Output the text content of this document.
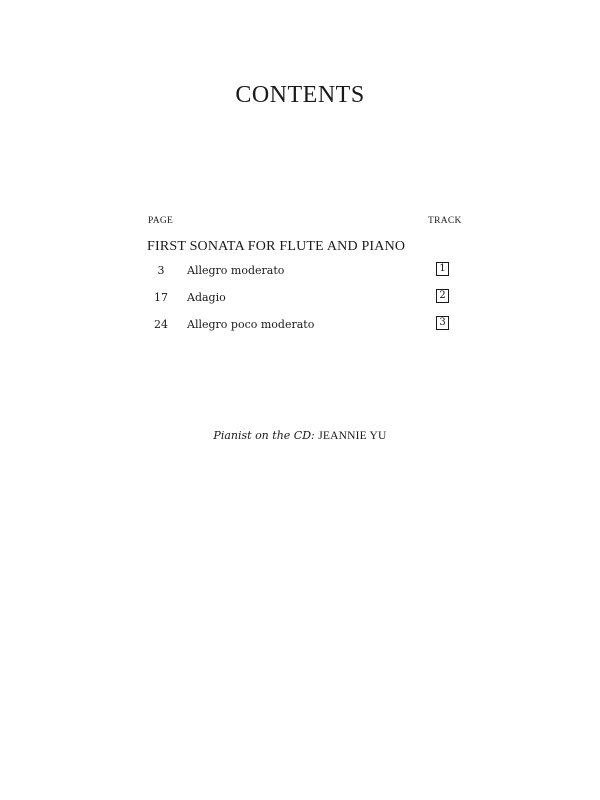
CONTENTS
PAGE	TRACK
FIRST SONATA FOR FLUTE AND PIANO
3	Allegro moderato	1
17	Adagio	2
24	Allegro poco moderato	3
Pianist on the CD: JEANNIE YU
